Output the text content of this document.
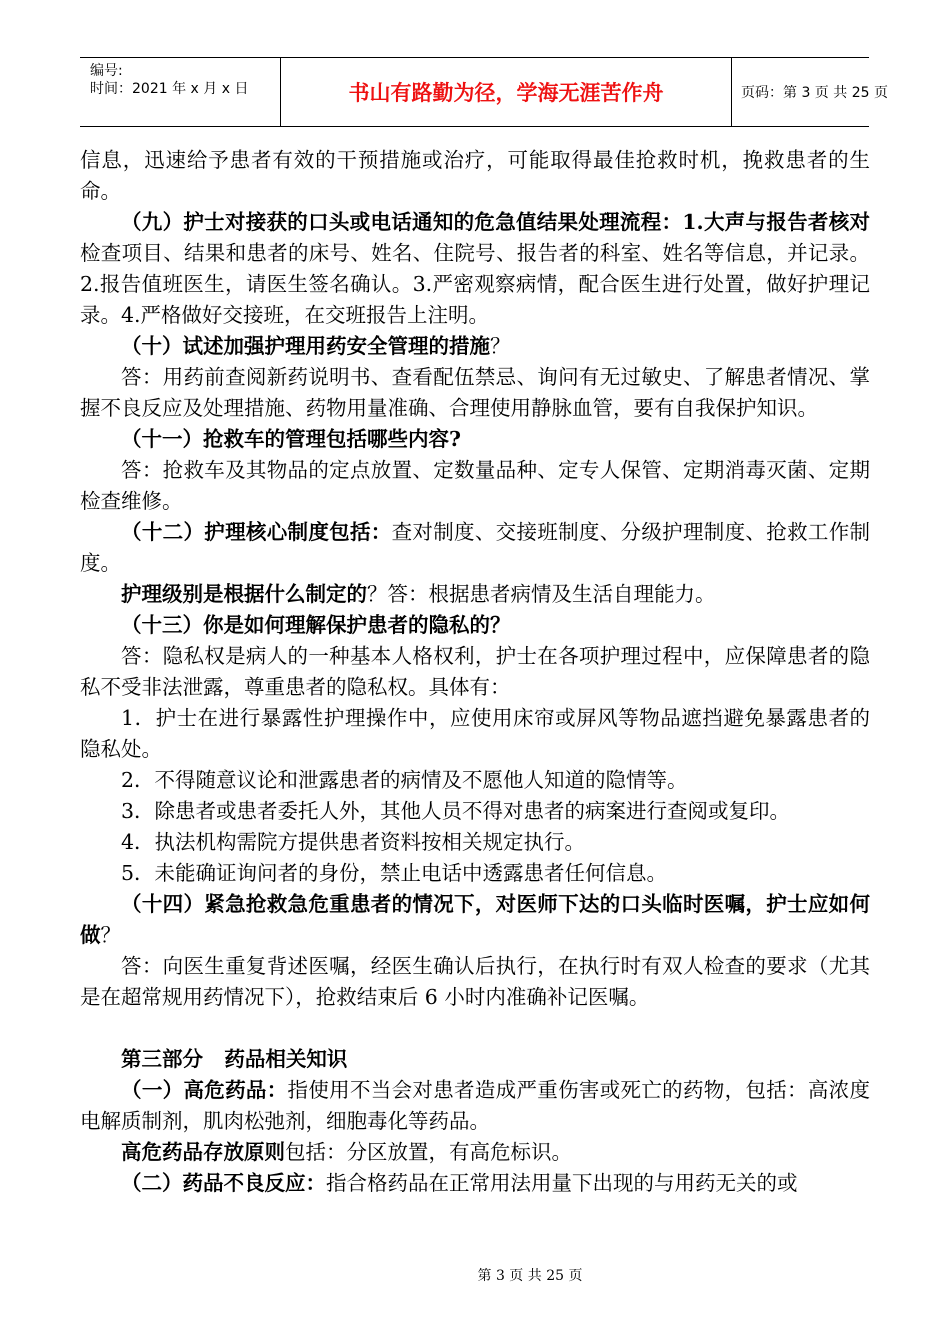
编号:
时间：2021 年 x 月 x 日	书山有路勤为径，学海无涯苦作舟	页码：第 3 页 共 25 页

信息，迅速给予患者有效的干预措施或治疗，可能取得最佳抢救时机，挽救患者的生命。

（九）护士对接获的口头或电话通知的危急值结果处理流程：1.大声与报告者核对检查项目、结果和患者的床号、姓名、住院号、报告者的科室、姓名等信息，并记录。2.报告值班医生，请医生签名确认。3.严密观察病情，配合医生进行处置，做好护理记录。4.严格做好交接班，在交班报告上注明。

（十）试述加强护理用药安全管理的措施？

答：用药前查阅新药说明书、查看配伍禁忌、询问有无过敏史、了解患者情况、掌握不良反应及处理措施、药物用量准确、合理使用静脉血管，要有自我保护知识。

（十一）抢救车的管理包括哪些内容?

答：抢救车及其物品的定点放置、定数量品种、定专人保管、定期消毒灭菌、定期检查维修。

（十二）护理核心制度包括：查对制度、交接班制度、分级护理制度、抢救工作制度。

护理级别是根据什么制定的？答：根据患者病情及生活自理能力。

（十三）你是如何理解保护患者的隐私的？

答：隐私权是病人的一种基本人格权利，护士在各项护理过程中，应保障患者的隐私不受非法泄露，尊重患者的隐私权。具体有：

1．护士在进行暴露性护理操作中，应使用床帘或屏风等物品遮挡避免暴露患者的隐私处。

2．不得随意议论和泄露患者的病情及不愿他人知道的隐情等。

3．除患者或患者委托人外，其他人员不得对患者的病案进行查阅或复印。

4．执法机构需院方提供患者资料按相关规定执行。

5．未能确证询问者的身份，禁止电话中透露患者任何信息。

（十四）紧急抢救急危重患者的情况下，对医师下达的口头临时医嘱，护士应如何做？

答：向医生重复背述医嘱，经医生确认后执行，在执行时有双人检查的要求（尤其是在超常规用药情况下），抢救结束后 6 小时内准确补记医嘱。

第三部分   药品相关知识

（一）高危药品：指使用不当会对患者造成严重伤害或死亡的药物，包括：高浓度电解质制剂，肌肉松弛剂，细胞毒化等药品。

高危药品存放原则包括：分区放置，有高危标识。

（二）药品不良反应：指合格药品在正常用法用量下出现的与用药无关的或

第 3 页 共 25 页
